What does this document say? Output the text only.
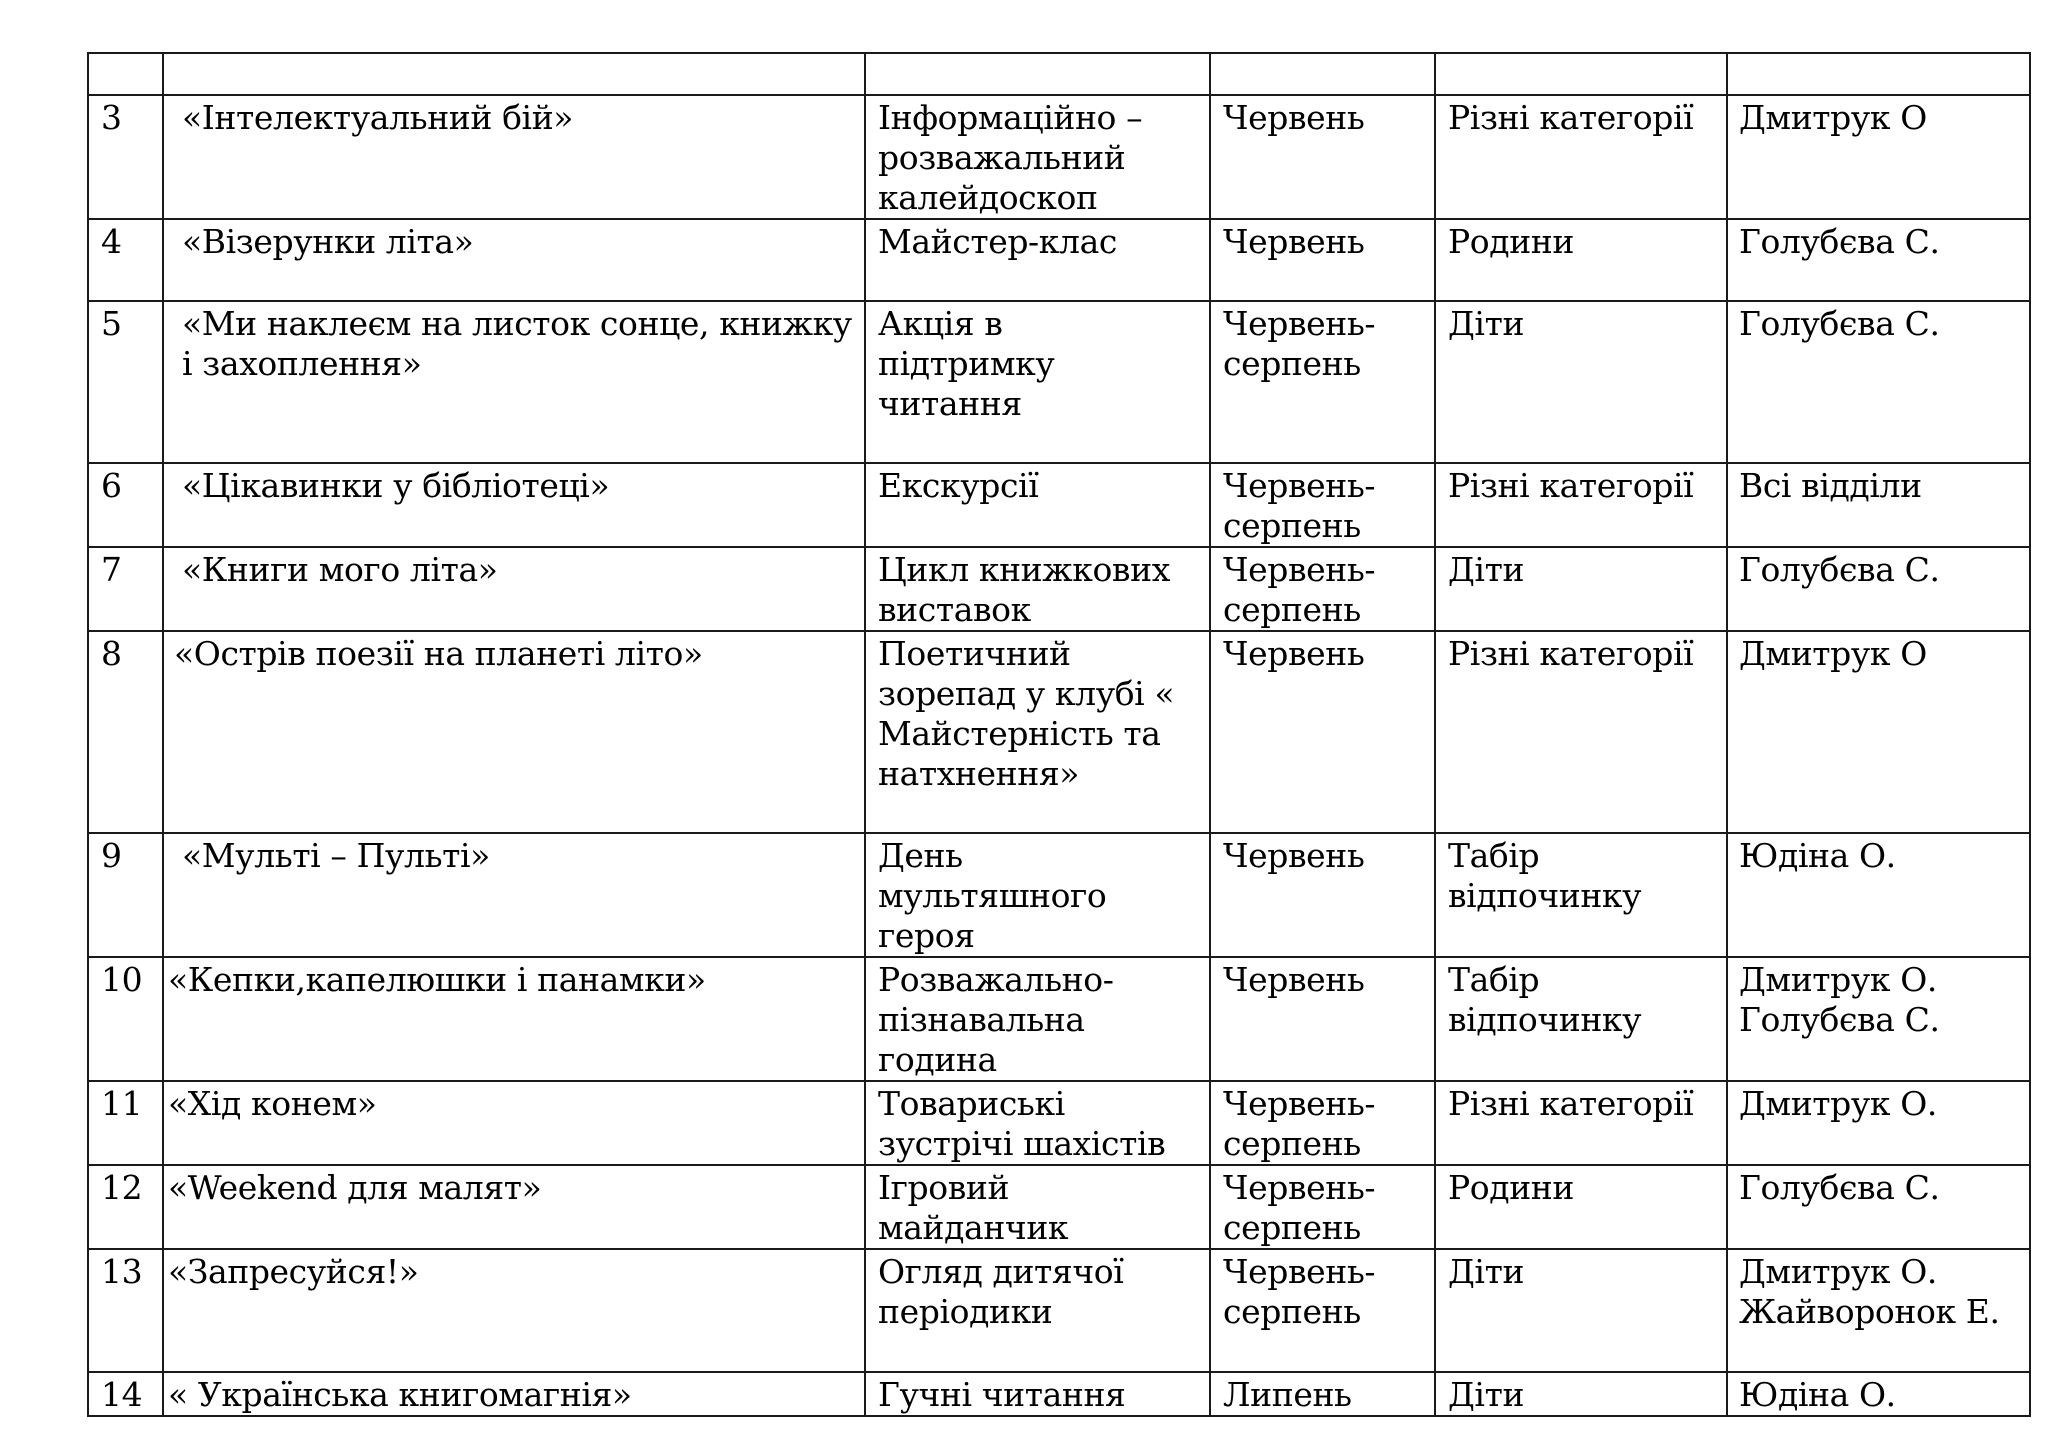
3	«Інтелектуальний бій»	Інформаційно –
розважальний
калейдоскоп	Червень	Різні категорії	Дмитрук О

4	«Візерунки літа»	Майстер-клас	Червень	Родини	Голубєва С.

5	«Ми наклеєм на листок сонце, книжку
і захоплення»	Акція в
підтримку
читання	Червень-
серпень	Діти	Голубєва С.

6	«Цікавинки у бібліотеці»	Екскурсії	Червень-
серпень	Різні категорії	Всі відділи

7	«Книги мого літа»	Цикл книжкових
виставок	Червень-
серпень	Діти	Голубєва С.

8	«Острів поезії на планеті літо»	Поетичний
зорепад у клубі «
Майстерність та
натхнення»	Червень	Різні категорії	Дмитрук О

9	«Мульті – Пульті»	День
мультяшного
героя	Червень	Табір
відпочинку	Юдіна О.

10	«Кепки,капелюшки і панамки»	Розважально-
пізнавальна
година	Червень	Табір
відпочинку	Дмитрук О.
Голубєва С.

11	«Хід конем»	Товариські
зустрічі шахістів	Червень-
серпень	Різні категорії	Дмитрук О.

12	«Weekend для малят»	Ігровий
майданчик	Червень-
серпень	Родини	Голубєва С.

13	«Запресуйся!»	Огляд дитячої
періодики	Червень-
серпень	Діти	Дмитрук О.
Жайворонок Е.

14	« Українська книгомагнія»	Гучні читання	Липень	Діти	Юдіна О.
